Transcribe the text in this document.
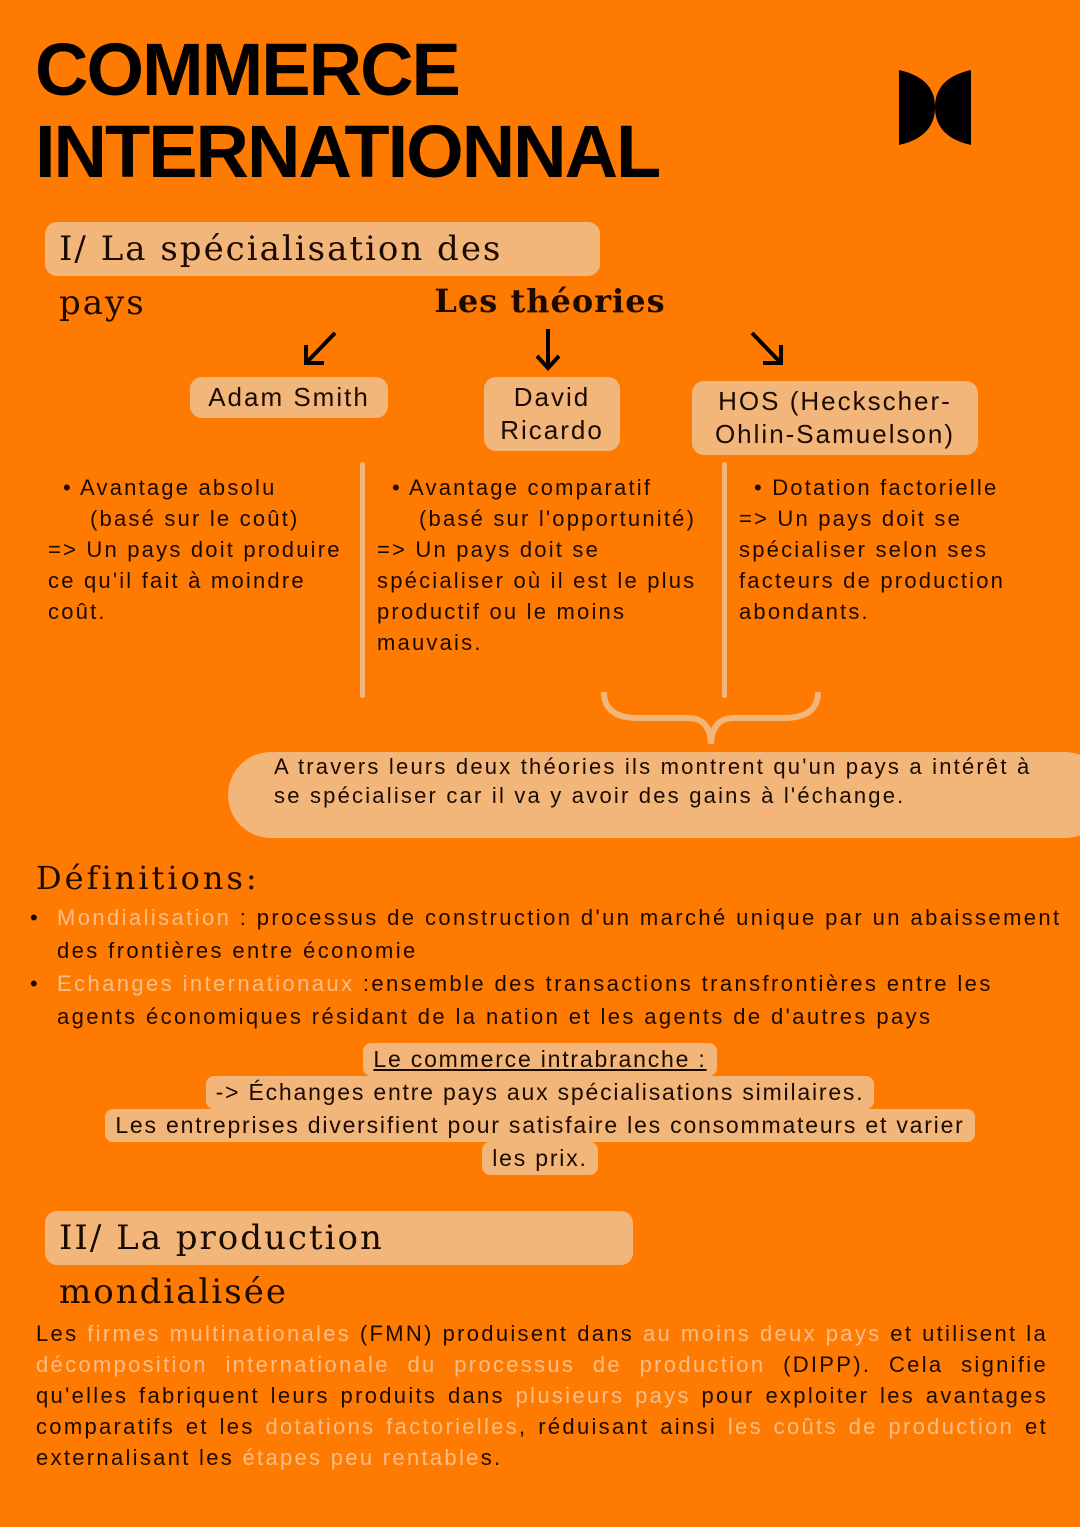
COMMERCE
INTERNATIONNAL
I/ La spécialisation des pays	Les théories
Adam Smith	David Ricardo
HOS (Heckscher-Ohlin-Samuelson)
• Avantage absolu
(basé sur le coût)
=> Un pays doit produire ce qu'il fait à moindre coût.
• Avantage comparatif
(basé sur l'opportunité)
=> Un pays doit se spécialiser où il est le plus productif ou le moins mauvais.
• Dotation factorielle
=> Un pays doit se spécialiser selon ses facteurs de production abondants.
A travers leurs deux théories ils montrent qu'un pays a intérêt à se spécialiser car il va y avoir des gains à l'échange.
Définitions:
• Mondialisation : processus de construction d'un marché unique par un abaissement des frontières entre économie
• Echanges internationaux :ensemble des transactions transfrontières entre les agents économiques résidant de la nation et les agents de d'autres pays
Le commerce intrabranche :
-> Échanges entre pays aux spécialisations similaires.
Les entreprises diversifient pour satisfaire les consommateurs et varier
les prix.
II/ La production mondialisée
Les firmes multinationales (FMN) produisent dans au moins deux pays et utilisent la décomposition internationale du processus de production (DIPP). Cela signifie qu'elles fabriquent leurs produits dans plusieurs pays pour exploiter les avantages comparatifs et les dotations factorielles, réduisant ainsi les coûts de production et externalisant les étapes peu rentables.
